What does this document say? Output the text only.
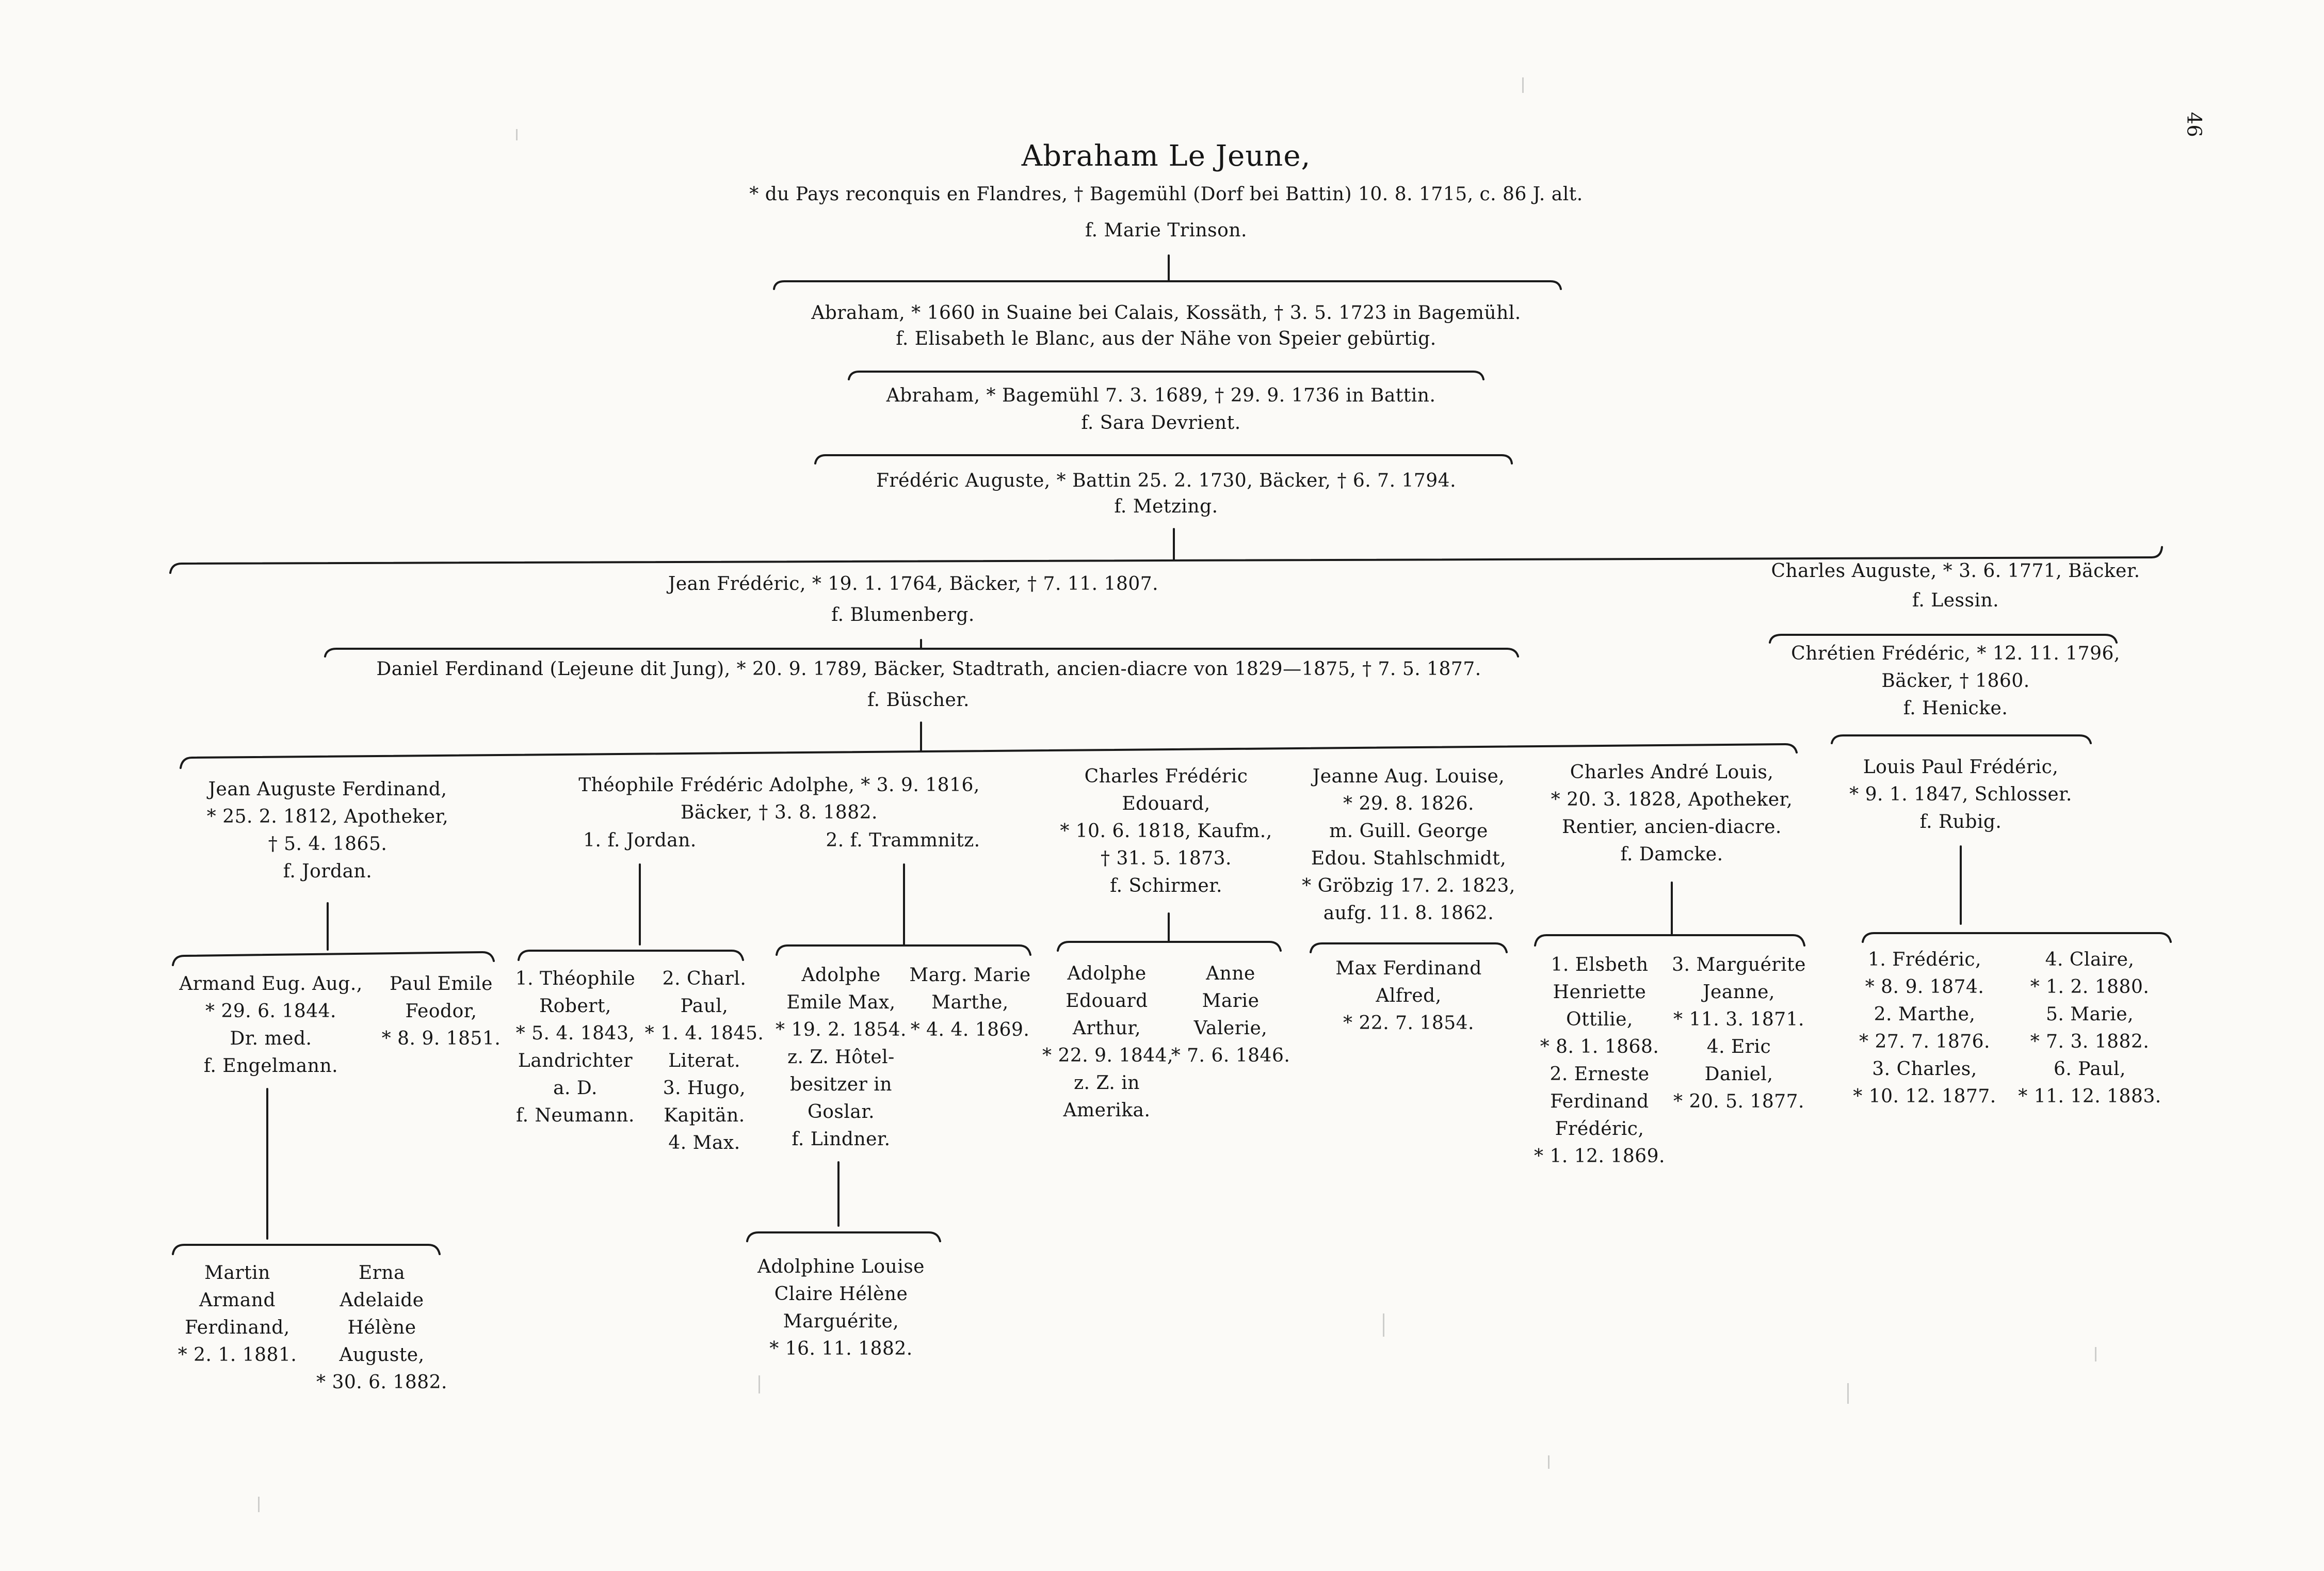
46
Abraham Le Jeune,
* du Pays reconquis en Flandres, † Bagemühl (Dorf bei Battin) 10. 8. 1715, c. 86 J. alt.
f. Marie Trinson.
Abraham, * 1660 in Suaine bei Calais, Kossäth, † 3. 5. 1723 in Bagemühl.
f. Elisabeth le Blanc, aus der Nähe von Speier gebürtig.
Abraham, * Bagemühl 7. 3. 1689, † 29. 9. 1736 in Battin.
f. Sara Devrient.
Frédéric Auguste, * Battin 25. 2. 1730, Bäcker, † 6. 7. 1794.
f. Metzing.
Jean Frédéric, * 19. 1. 1764, Bäcker, † 7. 11. 1807.
f. Blumenberg.
Charles Auguste, * 3. 6. 1771, Bäcker.
f. Lessin.
Daniel Ferdinand (Lejeune dit Jung), * 20. 9. 1789, Bäcker, Stadtrath, ancien-diacre von 1829—1875, † 7. 5. 1877.
f. Büscher.
Chrétien Frédéric, * 12. 11. 1796,
Bäcker, † 1860.
f. Henicke.
Jean Auguste Ferdinand,
* 25. 2. 1812, Apotheker,
† 5. 4. 1865.
f. Jordan.
Théophile Frédéric Adolphe, * 3. 9. 1816,
Bäcker, † 3. 8. 1882.
1. f. Jordan.	2. f. Trammnitz.
Charles Frédéric
Edouard,
* 10. 6. 1818, Kaufm.,
† 31. 5. 1873.
f. Schirmer.
Jeanne Aug. Louise,
* 29. 8. 1826.
m. Guill. George
Edou. Stahlschmidt,
* Gröbzig 17. 2. 1823,
aufg. 11. 8. 1862.
Charles André Louis,
* 20. 3. 1828, Apotheker,
Rentier, ancien-diacre.
f. Damcke.
Louis Paul Frédéric,
* 9. 1. 1847, Schlosser.
f. Rubig.
Armand Eug. Aug.,
* 29. 6. 1844.
Dr. med.
f. Engelmann.
Paul Emile
Feodor,
* 8. 9. 1851.
1. Théophile
Robert,
* 5. 4. 1843,
Landrichter
a. D.
f. Neumann.
2. Charl.
Paul,
* 1. 4. 1845.
Literat.
3. Hugo,
Kapitän.
4. Max.
Adolphe
Emile Max,
* 19. 2. 1854.
z. Z. Hôtel-
besitzer in
Goslar.
f. Lindner.
Marg. Marie
Marthe,
* 4. 4. 1869.
Adolphe
Edouard
Arthur,
* 22. 9. 1844,
z. Z. in
Amerika.
Anne
Marie
Valerie,
* 7. 6. 1846.
Max Ferdinand
Alfred,
* 22. 7. 1854.
1. Elsbeth
Henriette
Ottilie,
* 8. 1. 1868.
2. Erneste
Ferdinand
Frédéric,
* 1. 12. 1869.
3. Marguérite
Jeanne,
* 11. 3. 1871.
4. Eric
Daniel,
* 20. 5. 1877.
1. Frédéric,
* 8. 9. 1874.
2. Marthe,
* 27. 7. 1876.
3. Charles,
* 10. 12. 1877.
4. Claire,
* 1. 2. 1880.
5. Marie,
* 7. 3. 1882.
6. Paul,
* 11. 12. 1883.
Martin
Armand
Ferdinand,
* 2. 1. 1881.
Erna
Adelaide
Hélène
Auguste,
* 30. 6. 1882.
Adolphine Louise
Claire Hélène
Marguérite,
* 16. 11. 1882.
